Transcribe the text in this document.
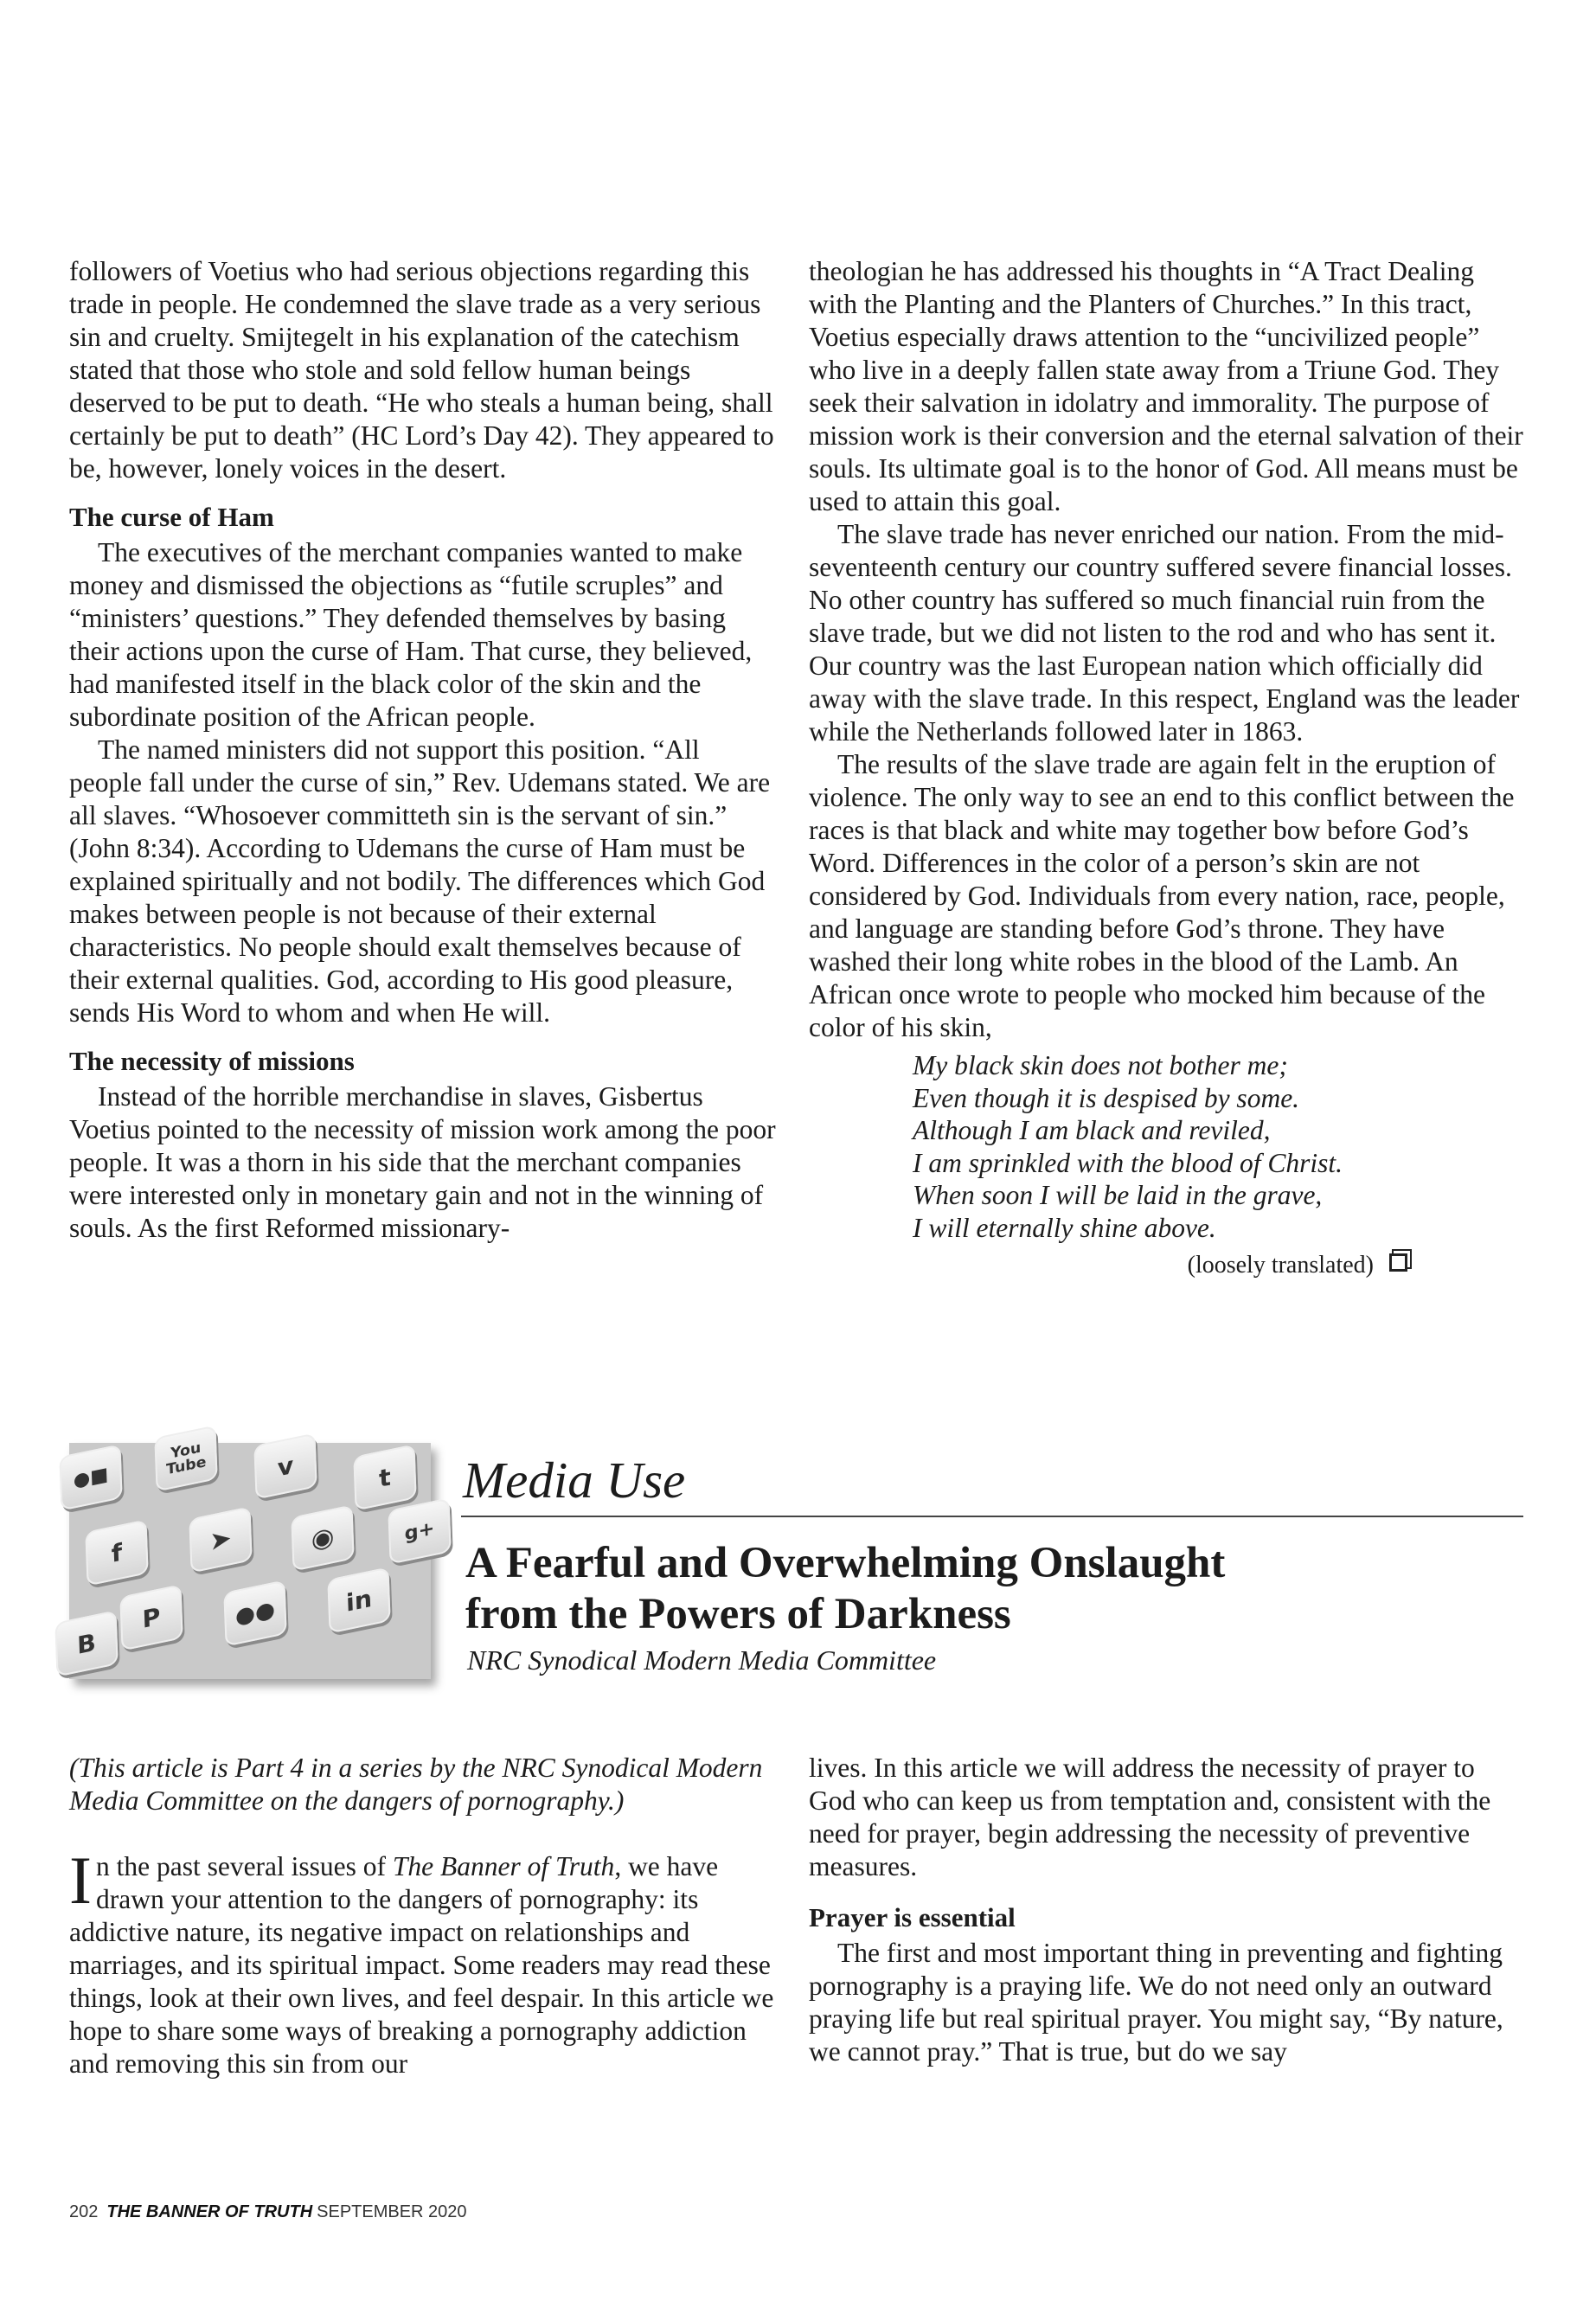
followers of Voetius who had serious objections regarding this trade in people. He condemned the slave trade as a very serious sin and cruelty. Smijtegelt in his explanation of the catechism stated that those who stole and sold fellow human beings deserved to be put to death. “He who steals a human being, shall certainly be put to death” (HC Lord’s Day 42). They appeared to be, however, lonely voices in the desert.

The curse of Ham

The executives of the merchant companies wanted to make money and dismissed the objections as “futile scruples” and “ministers’ questions.” They defended themselves by basing their actions upon the curse of Ham. That curse, they believed, had manifested itself in the black color of the skin and the subordinate position of the African people.

The named ministers did not support this position. “All people fall under the curse of sin,” Rev. Udemans stated. We are all slaves. “Whosoever committeth sin is the servant of sin.” (John 8:34). According to Udemans the curse of Ham must be explained spiritually and not bodily. The differences which God makes between people is not because of their external characteristics. No people should exalt themselves because of their external qualities. God, according to His good pleasure, sends His Word to whom and when He will.

The necessity of missions

Instead of the horrible merchandise in slaves, Gisbertus Voetius pointed to the necessity of mission work among the poor people. It was a thorn in his side that the merchant companies were interested only in monetary gain and not in the winning of souls. As the first Reformed missionary-

theologian he has addressed his thoughts in “A Tract Dealing with the Planting and the Planters of Churches.” In this tract, Voetius especially draws attention to the “uncivilized people” who live in a deeply fallen state away from a Triune God. They seek their salvation in idolatry and immorality. The purpose of mission work is their conversion and the eternal salvation of their souls. Its ultimate goal is to the honor of God. All means must be used to attain this goal.

The slave trade has never enriched our nation. From the mid-seventeenth century our country suffered severe financial losses. No other country has suffered so much financial ruin from the slave trade, but we did not listen to the rod and who has sent it. Our country was the last European nation which officially did away with the slave trade. In this respect, England was the leader while the Netherlands followed later in 1863.

The results of the slave trade are again felt in the eruption of violence. The only way to see an end to this conflict between the races is that black and white may together bow before God’s Word. Differences in the color of a person’s skin are not considered by God. Individuals from every nation, race, people, and language are standing before God’s throne. They have washed their long white robes in the blood of the Lamb. An African once wrote to people who mocked him because of the color of his skin,

My black skin does not bother me;
Even though it is despised by some.
Although I am black and reviled,
I am sprinkled with the blood of Christ.
When soon I will be laid in the grave,
I will eternally shine above.
(loosely translated)
●■
You Tube	v	t
f	➤	◉	g+
P
B
●●	in
Media Use
A Fearful and Overwhelming Onslaught
from the Powers of Darkness
NRC Synodical Modern Media Committee

(This article is Part 4 in a series by the NRC Synodical Modern Media Committee on the dangers of pornography.)

In the past several issues of The Banner of Truth, we have drawn your attention to the dangers of pornography: its addictive nature, its negative impact on relationships and marriages, and its spiritual impact. Some readers may read these things, look at their own lives, and feel despair. In this article we hope to share some ways of breaking a pornography addiction and removing this sin from our

lives. In this article we will address the necessity of prayer to God who can keep us from temptation and, consistent with the need for prayer, begin addressing the necessity of preventive measures.

Prayer is essential

The first and most important thing in preventing and fighting pornography is a praying life. We do not need only an outward praying life but real spiritual prayer. You might say, “By nature, we cannot pray.” That is true, but do we say

202 THE BANNER OF TRUTH SEPTEMBER 2020
